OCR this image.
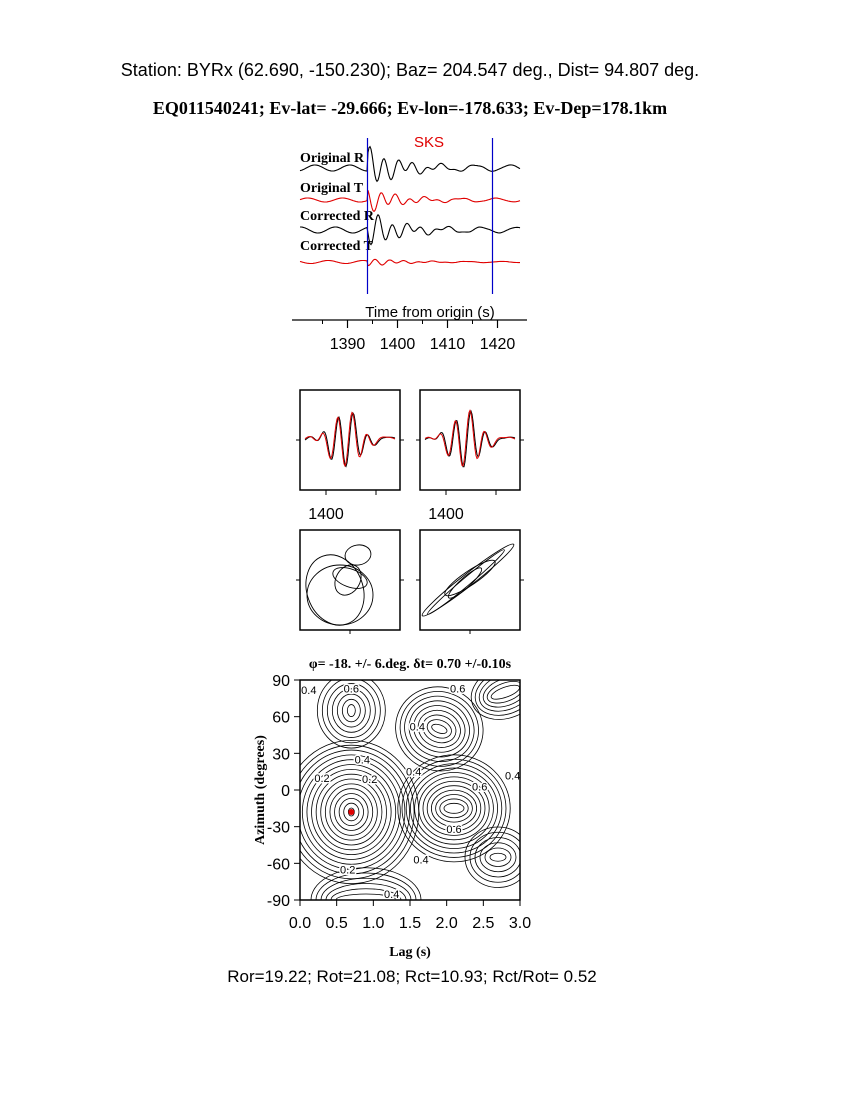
Station: BYRx (62.690, -150.230); Baz= 204.547 deg., Dist= 94.807 deg.
EQ011540241; Ev-lat= -29.666; Ev-lon=-178.633; Ev-Dep=178.1km
SKS
Original R
Original T
Corrected R
Corrected T
Time from origin (s)
1390 1400 1410 1420
1400	1400
φ= -18. +/- 6.deg. δt= 0.70 +/-0.10s
0.4 0.6	0.6
0.4
0.2	0.2
0.4
0.6
0.4
0.6
0.2
0.4
0.4
0.4
0.0 0.5 1.0 1.5 2.0 2.5 3.0
90
60
30
0
-30
-60
-90
Lag (s)
Azimuth (degrees)
Ror=19.22; Rot=21.08; Rct=10.93; Rct/Rot= 0.52
